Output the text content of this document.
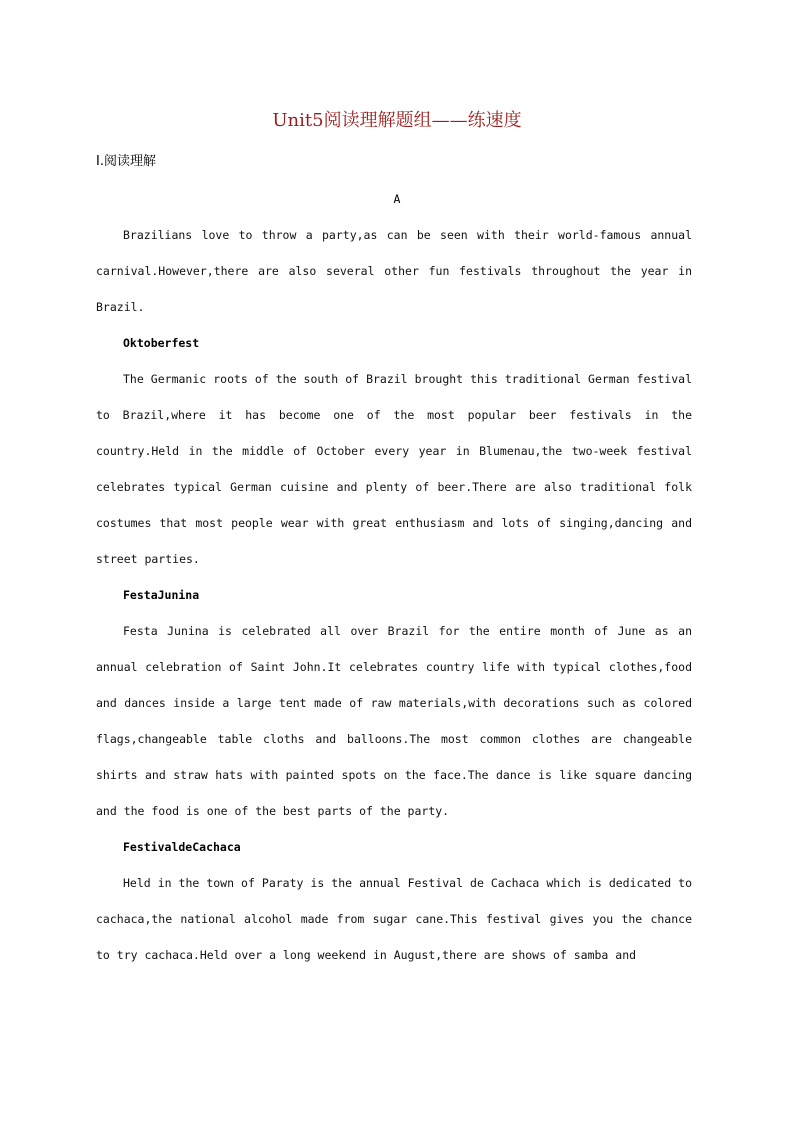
Unit5阅读理解题组——练速度
Ⅰ.阅读理解
A

Brazilians love to throw a party,as can be seen with their world-famous annual carnival.However,there are also several other fun festivals throughout the year in Brazil.

Oktoberfest

The Germanic roots of the south of Brazil brought this traditional German festival to Brazil,where it has become one of the most popular beer festivals in the country.Held in the middle of October every year in Blumenau,the two-week festival celebrates typical German cuisine and plenty of beer.There are also traditional folk costumes that most people wear with great enthusiasm and lots of singing,dancing and street parties.

FestaJunina

Festa Junina is celebrated all over Brazil for the entire month of June as an annual celebration of Saint John.It celebrates country life with typical clothes,food and dances inside a large tent made of raw materials,with decorations such as colored flags,changeable table cloths and balloons.The most common clothes are changeable shirts and straw hats with painted spots on the face.The dance is like square dancing and the food is one of the best parts of the party.

FestivaldeCachaca

Held in the town of Paraty is the annual Festival de Cachaca which is dedicated to cachaca,the national alcohol made from sugar cane.This festival gives you the chance to try cachaca.Held over a long weekend in August,there are shows of samba and
